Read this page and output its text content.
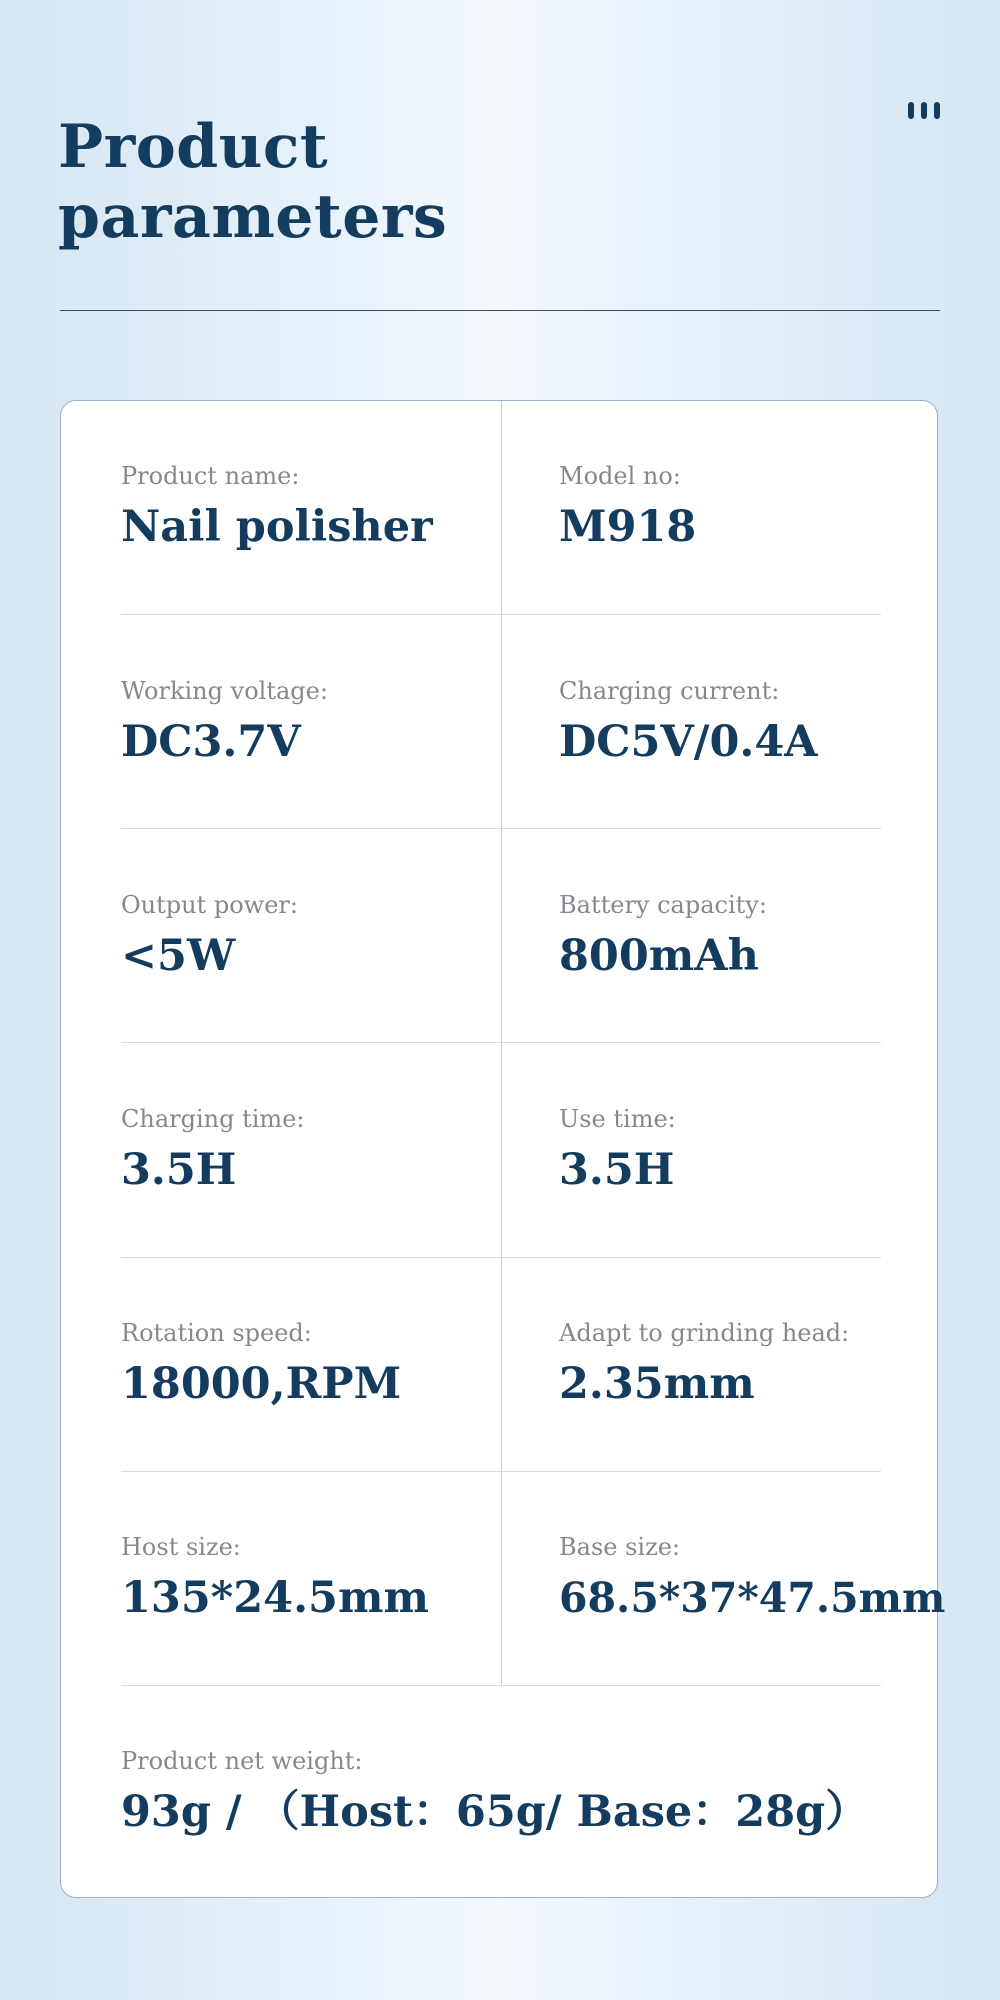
Product
parameters
Product name:
Nail polisher
Model no:
M918
Working voltage:
DC3.7V
Charging current:
DC5V/0.4A
Output power:
<5W
Battery capacity:
800mAh
Charging time:
3.5H
Use time:
3.5H
Rotation speed:
18000,RPM
Adapt to grinding head:
2.35mm
Host size:
135*24.5mm
Base size:
68.5*37*47.5mm
Product net weight:
93g / （Host：65g/ Base：28g）
